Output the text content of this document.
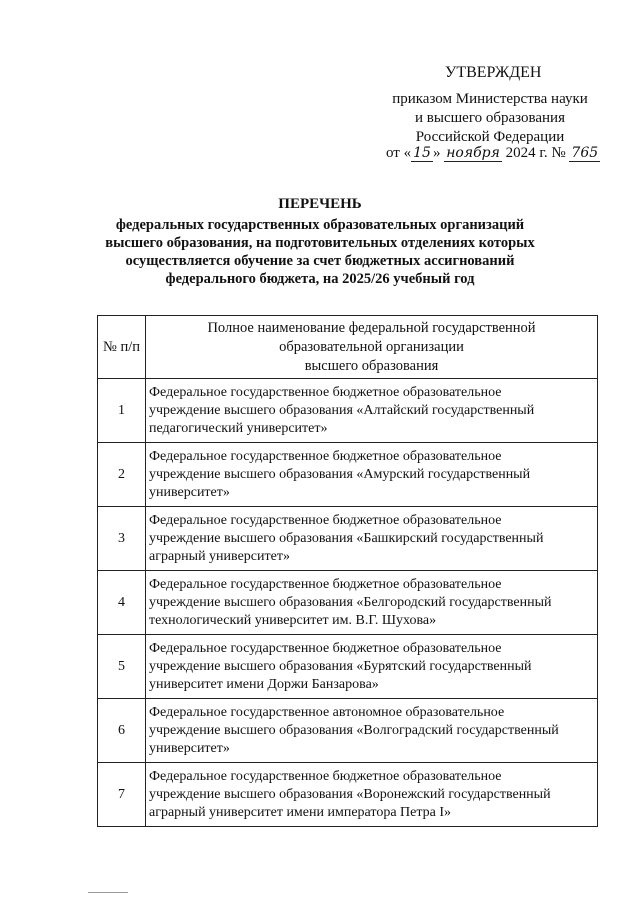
УТВЕРЖДЕН
приказом Министерства науки
и высшего образования
Российской Федерации
от « 15 » ноября 2024 г. № 765
ПЕРЕЧЕНЬ
федеральных государственных образовательных организаций
высшего образования, на подготовительных отделениях которых
осуществляется обучение за счет бюджетных ассигнований
федерального бюджета, на 2025/26 учебный год
№ п/п	Полное наименование федеральной государственной
образовательной организации
высшего образования

1	Федеральное государственное бюджетное образовательное
учреждение высшего образования «Алтайский государственный
педагогический университет»

2	Федеральное государственное бюджетное образовательное
учреждение высшего образования «Амурский государственный
университет»

3	Федеральное государственное бюджетное образовательное
учреждение высшего образования «Башкирский государственный
аграрный университет»

4	Федеральное государственное бюджетное образовательное
учреждение высшего образования «Белгородский государственный
технологический университет им. В.Г. Шухова»

5	Федеральное государственное бюджетное образовательное
учреждение высшего образования «Бурятский государственный
университет имени Доржи Банзарова»

6	Федеральное государственное автономное образовательное
учреждение высшего образования «Волгоградский государственный
университет»

7	Федеральное государственное бюджетное образовательное
учреждение высшего образования «Воронежский государственный
аграрный университет имени императора Петра I»
